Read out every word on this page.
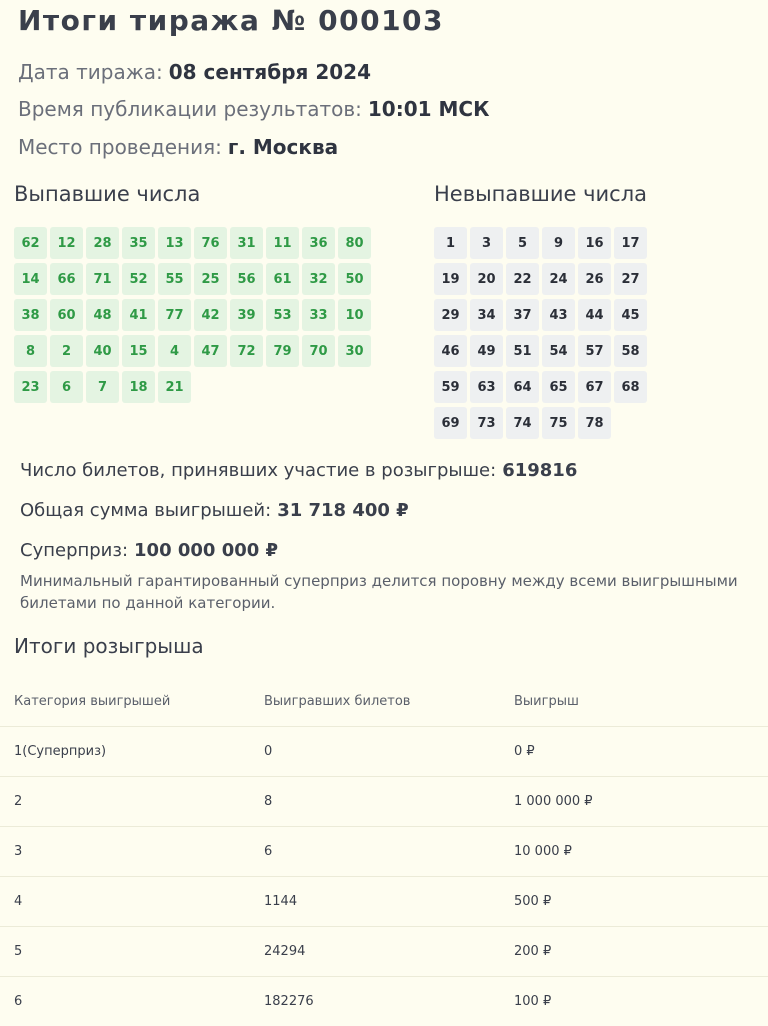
Итоги тиража № 000103
Дата тиража: 08 сентября 2024
Время публикации результатов: 10:01 МСК
Место проведения: г. Москва
Выпавшие числа	Невыпавшие числа
62	12	28	35	13	76	31	11	36	80
14	66	71	52	55	25	56	61	32	50
38	60	48	41	77	42	39	53	33	10
8	2	40	15	4	47	72	79	70	30
23	6	7	18	21
1	3	5	9	16	17
19	20	22	24	26	27
29	34	37	43	44	45
46	49	51	54	57	58
59	63	64	65	67	68
69	73	74	75	78
Число билетов, принявших участие в розыгрыше: 619816
Общая сумма выигрышей: 31 718 400 ₽
Суперприз: 100 000 000 ₽
Минимальный гарантированный суперприз делится поровну между всеми выигрышными билетами по данной категории.
Итоги розыгрыша
Категория выигрышей	Выигравших билетов	Выигрыш
1(Суперприз)	0	0 ₽
2	8	1 000 000 ₽
3	6	10 000 ₽
4	1144	500 ₽
5	24294	200 ₽
6	182276	100 ₽
